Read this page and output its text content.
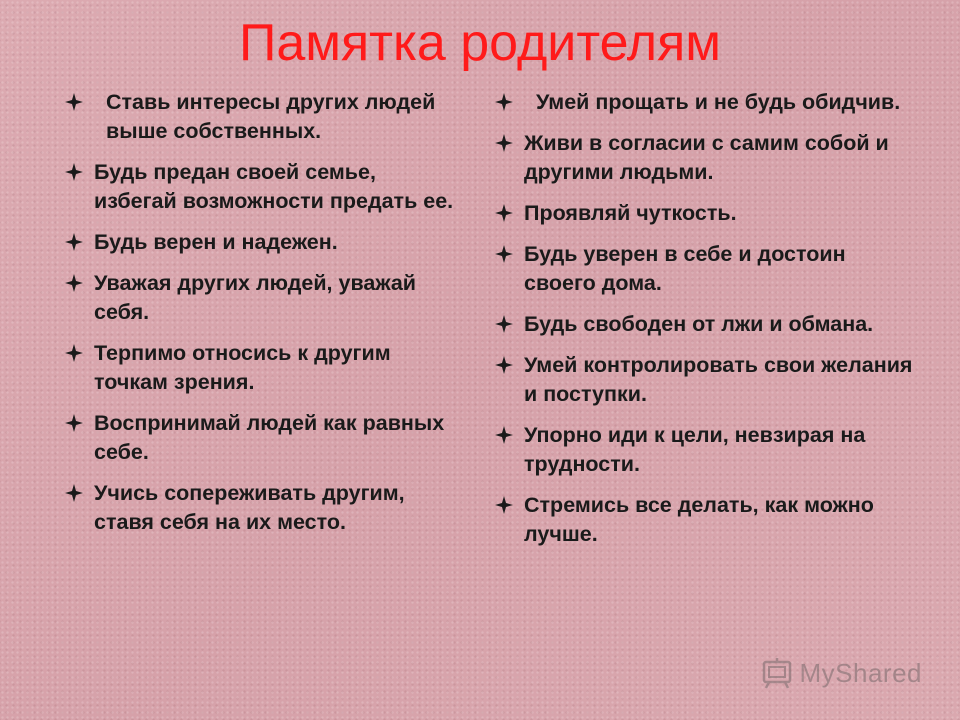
Памятка родителям
Ставь интересы других людей выше собственных.
Будь предан своей семье, избегай возможности предать ее.
Будь верен и надежен.
Уважая других людей, уважай себя.
Терпимо относись к другим точкам зрения.
Воспринимай людей как равных себе.
Учись сопереживать другим, ставя себя на их место.
Умей прощать и не будь обидчив.
Живи в согласии с самим собой и другими людьми.
Проявляй чуткость.
Будь уверен в себе и достоин своего дома.
Будь свободен от лжи и обмана.
Умей контролировать свои желания и поступки.
Упорно иди к цели, невзирая на трудности.
Стремись все делать, как можно лучше.
MyShared
